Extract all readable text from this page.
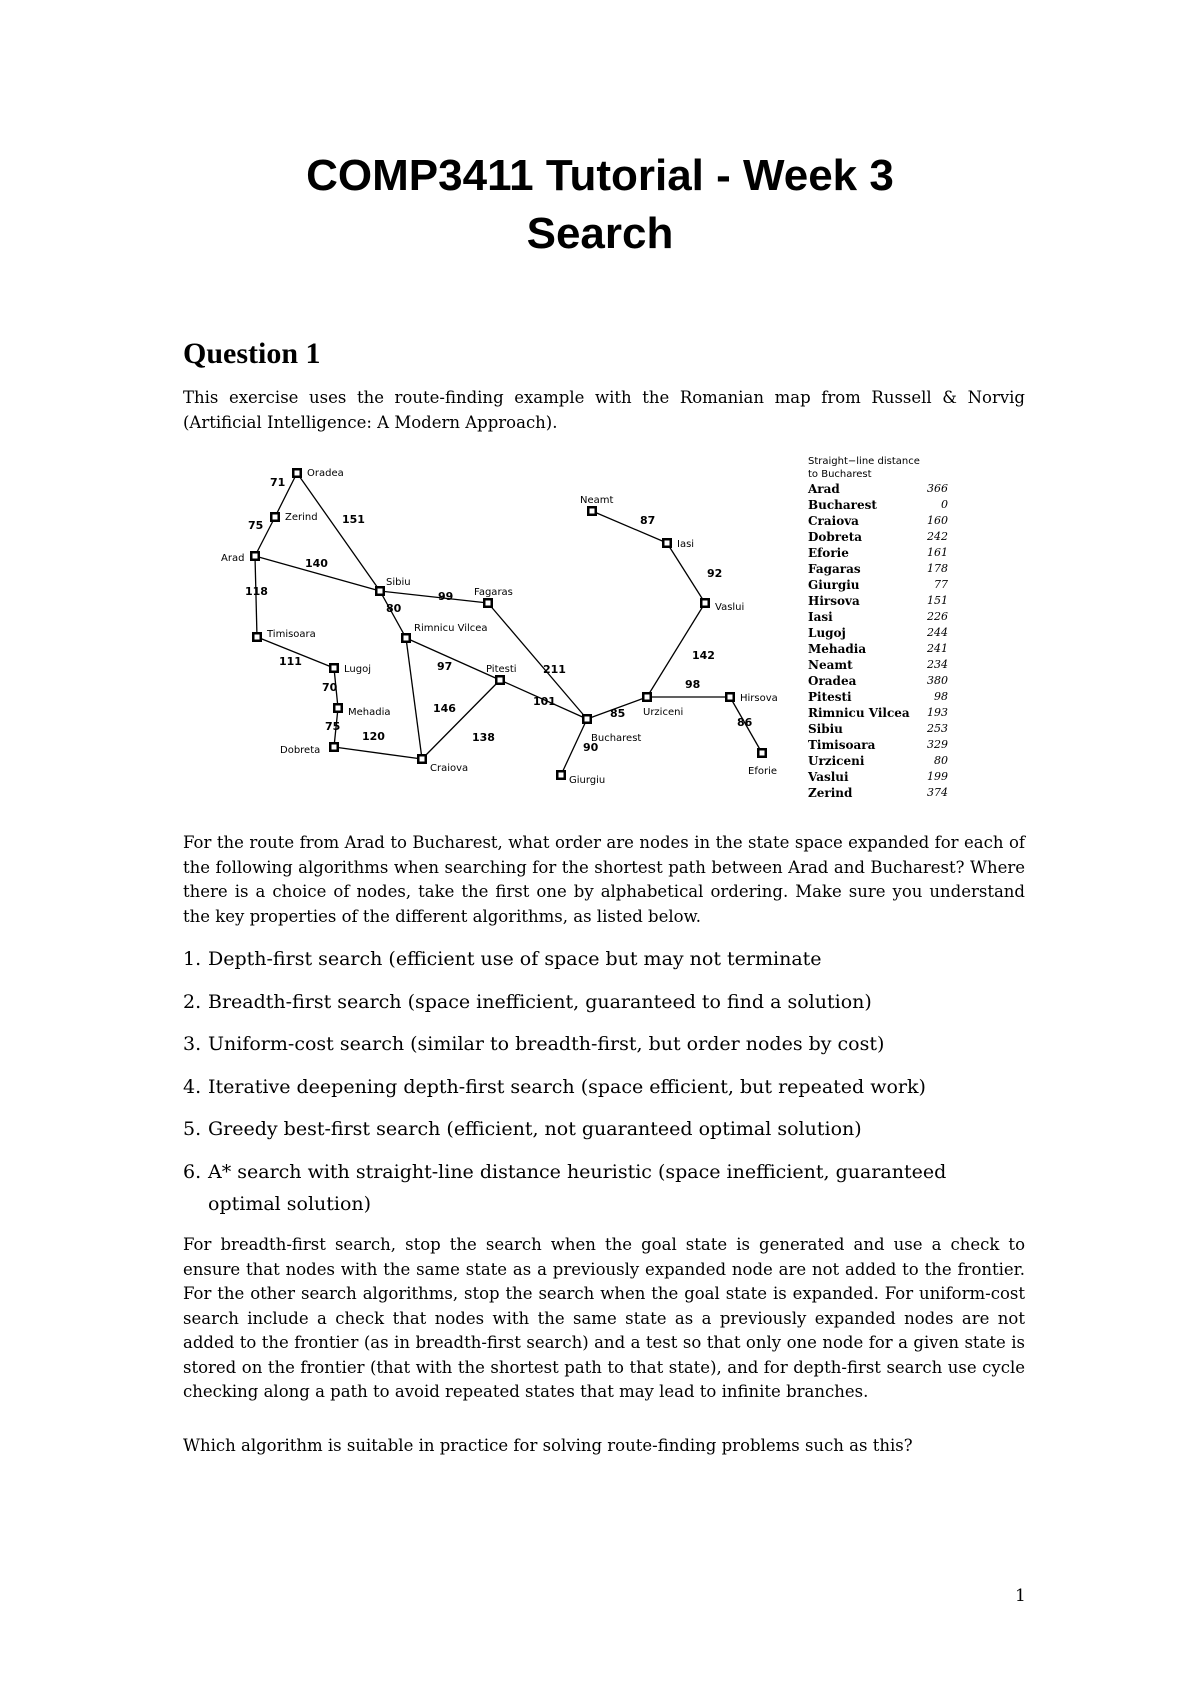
COMP3411 Tutorial - Week 3
Search
Question 1
This exercise uses the route-finding example with the Romanian map from Russell & Norvig (Artificial Intelligence: A Modern Approach).
71
75	151
140
118
111
70
75
120
99
80
97
146
138
211
101
90
85
98
86
142
92
87
Oradea
Zerind
Arad
Timisoara
Lugoj
Mehadia
Dobreta
Craiova
Sibiu
Fagaras
Rimnicu Vilcea
Pitesti
Bucharest
Giurgiu
Urziceni
Hirsova
Eforie
Vaslui
Iasi
Neamt
Straight−line distance
to Bucharest
Arad	366
Bucharest	0
Craiova	160
Dobreta	242
Eforie	161
Fagaras	178
Giurgiu	77
Hirsova	151
Iasi	226
Lugoj	244
Mehadia	241
Neamt	234
Oradea	380
Pitesti	98
Rimnicu Vilcea 193
Sibiu	253
Timisoara	329
Urziceni	80
Vaslui	199
Zerind	374
For the route from Arad to Bucharest, what order are nodes in the state space expanded for each of the following algorithms when searching for the shortest path between Arad and Bucharest? Where there is a choice of nodes, take the first one by alphabetical ordering. Make sure you understand the key properties of the different algorithms, as listed below.
1. Depth-first search (efficient use of space but may not terminate
2. Breadth-first search (space inefficient, guaranteed to find a solution)
3. Uniform-cost search (similar to breadth-first, but order nodes by cost)
4. Iterative deepening depth-first search (space efficient, but repeated work)
5. Greedy best-first search (efficient, not guaranteed optimal solution)
6. A* search with straight-line distance heuristic (space inefficient, guaranteed optimal solution)
For breadth-first search, stop the search when the goal state is generated and use a check to ensure that nodes with the same state as a previously expanded node are not added to the frontier. For the other search algorithms, stop the search when the goal state is expanded. For uniform-cost search include a check that nodes with the same state as a previously expanded nodes are not added to the frontier (as in breadth-first search) and a test so that only one node for a given state is stored on the frontier (that with the shortest path to that state), and for depth-first search use cycle checking along a path to avoid repeated states that may lead to infinite branches.
Which algorithm is suitable in practice for solving route-finding problems such as this?
1
